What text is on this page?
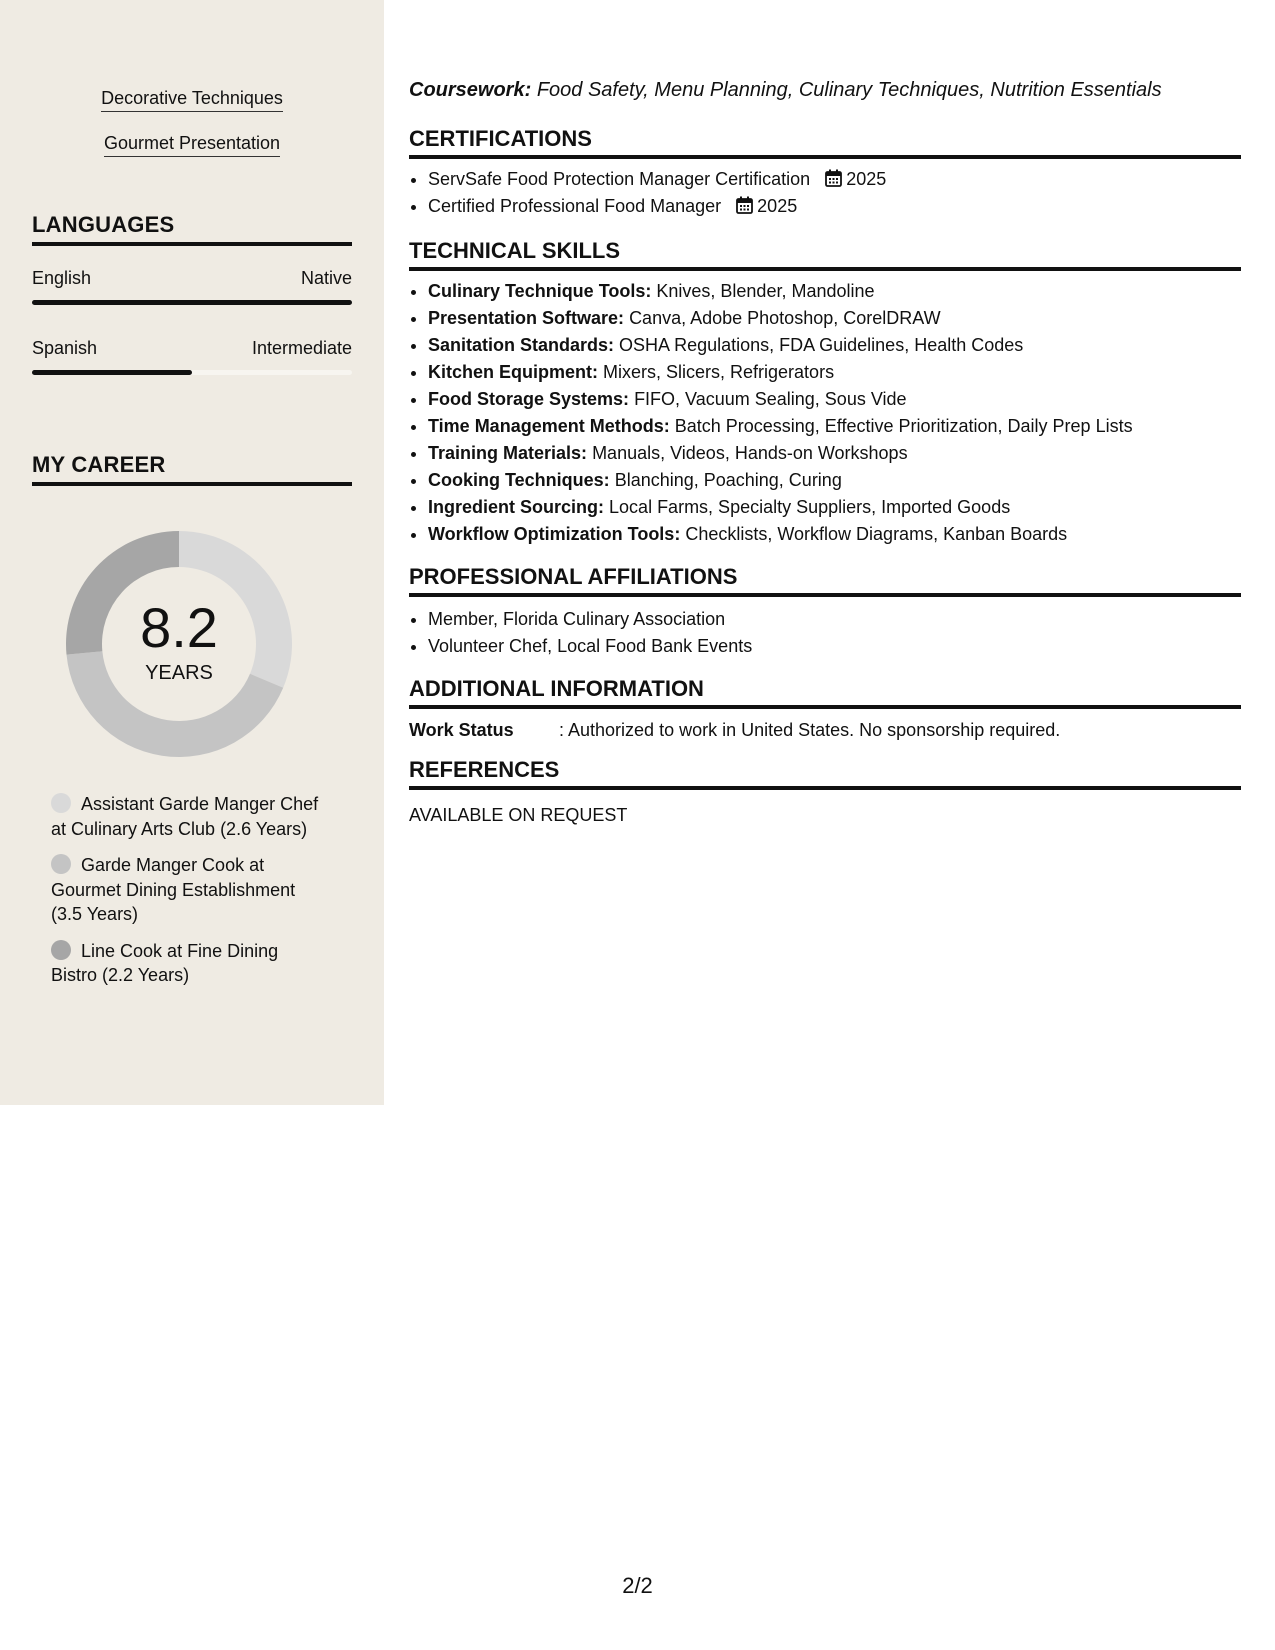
Decorative Techniques
Gourmet Presentation
LANGUAGES
English	Native
Spanish	Intermediate
MY CAREER
8.2
YEARS
Assistant Garde Manger Chef at Culinary Arts Club (2.6 Years)
Garde Manger Cook at Gourmet Dining Establishment (3.5 Years)
Line Cook at Fine Dining Bistro (2.2 Years)
Coursework: Food Safety, Menu Planning, Culinary Techniques, Nutrition Essentials
CERTIFICATIONS
• ServSafe Food Protection Manager Certification 2025
• Certified Professional Food Manager 2025
TECHNICAL SKILLS
• Culinary Technique Tools: Knives, Blender, Mandoline
• Presentation Software: Canva, Adobe Photoshop, CorelDRAW
• Sanitation Standards: OSHA Regulations, FDA Guidelines, Health Codes
• Kitchen Equipment: Mixers, Slicers, Refrigerators
• Food Storage Systems: FIFO, Vacuum Sealing, Sous Vide
• Time Management Methods: Batch Processing, Effective Prioritization, Daily Prep Lists
• Training Materials: Manuals, Videos, Hands-on Workshops
• Cooking Techniques: Blanching, Poaching, Curing
• Ingredient Sourcing: Local Farms, Specialty Suppliers, Imported Goods
• Workflow Optimization Tools: Checklists, Workflow Diagrams, Kanban Boards
PROFESSIONAL AFFILIATIONS
• Member, Florida Culinary Association
• Volunteer Chef, Local Food Bank Events
ADDITIONAL INFORMATION
Work Status	: Authorized to work in United States. No sponsorship required.
REFERENCES
AVAILABLE ON REQUEST
2/2
